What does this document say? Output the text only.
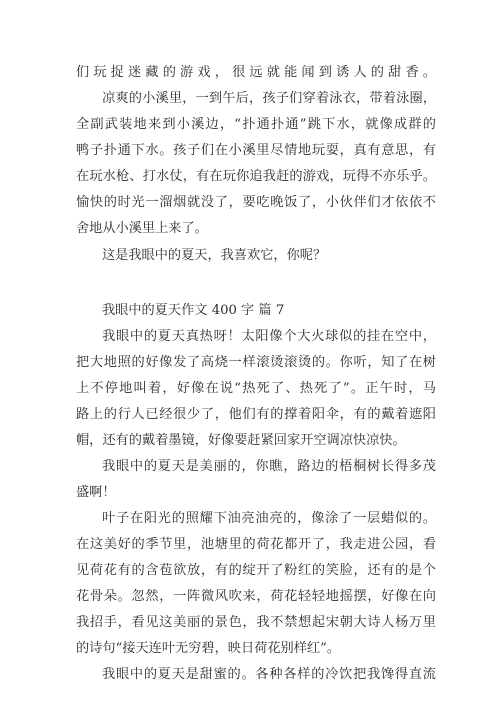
们玩捉迷藏的游戏，很远就能闻到诱人的甜香。
凉爽的小溪里，一到午后，孩子们穿着泳衣，带着泳圈，
全副武装地来到小溪边，“扑通扑通”跳下水，就像成群的
鸭子扑通下水。孩子们在小溪里尽情地玩耍，真有意思，有
在玩水枪、打水仗，有在玩你追我赶的游戏，玩得不亦乐乎。
愉快的时光一溜烟就没了，要吃晚饭了，小伙伴们才依依不
舍地从小溪里上来了。
这是我眼中的夏天，我喜欢它，你呢？
我眼中的夏天作文 400 字 篇 7
我眼中的夏天真热呀！太阳像个大火球似的挂在空中，
把大地照的好像发了高烧一样滚烫滚烫的。你听，知了在树
上不停地叫着，好像在说“热死了、热死了”。正午时，马
路上的行人已经很少了，他们有的撑着阳伞，有的戴着遮阳
帽，还有的戴着墨镜，好像要赶紧回家开空调凉快凉快。
我眼中的夏天是美丽的，你瞧，路边的梧桐树长得多茂
盛啊！
叶子在阳光的照耀下油亮油亮的，像涂了一层蜡似的。
在这美好的季节里，池塘里的荷花都开了，我走进公园，看
见荷花有的含苞欲放，有的绽开了粉红的笑脸，还有的是个
花骨朵。忽然，一阵微风吹来，荷花轻轻地摇摆，好像在向
我招手，看见这美丽的景色，我不禁想起宋朝大诗人杨万里
的诗句“接天连叶无穷碧，映日荷花别样红”。
我眼中的夏天是甜蜜的。各种各样的冷饮把我馋得直流
